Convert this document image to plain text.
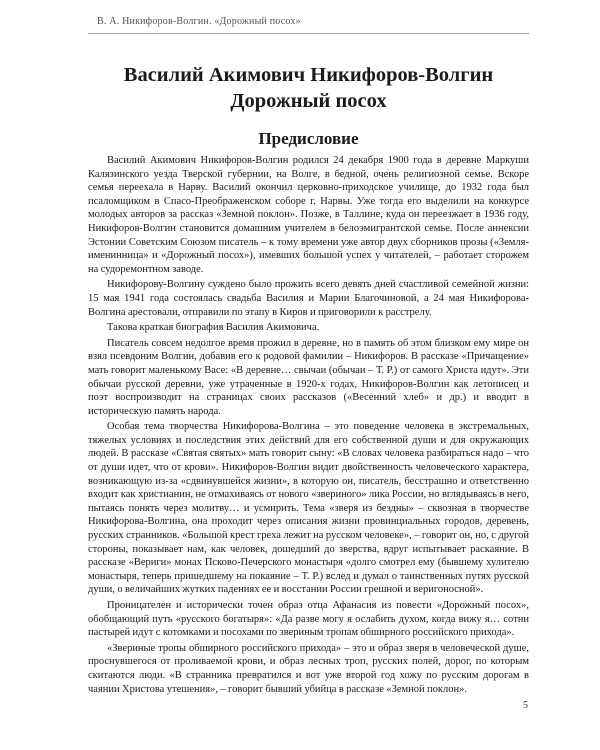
В. А. Никифоров-Волгин. «Дорожный посох»
Василий Акимович Никифоров-Волгин
Дорожный посох
Предисловие

Василий Акимович Никифоров-Волгин родился 24 декабря 1900 года в деревне Маркуши Калязинского уезда Тверской губернии, на Волге, в бедной, очень религиозной семье. Вскоре семья переехала в Нарву. Василий окончил церковно-приходское училище, до 1932 года был псаломщиком в Спасо-Преображенском соборе г. Нарвы. Уже тогда его выделили на конкурсе молодых авторов за рассказ «Земной поклон». Позже, в Таллине, куда он переезжает в 1936 году, Никифоров-Волгин становится домашним учителем в белоэмигрантской семье. После аннексии Эстонии Советским Союзом писатель – к тому времени уже автор двух сборников прозы («Земля-именинница» и «Дорожный посох»), имевших большой успех у читателей, – работает сторожем на судоремонтном заводе.

Никифорову-Волгину суждено было прожить всего девять дней счастливой семейной жизни: 15 мая 1941 года состоялась свадьба Василия и Марии Благочиновой, а 24 мая Никифорова-Волгина арестовали, отправили по этапу в Киров и приговорили к расстрелу.

Такова краткая биография Василия Акимовича.

Писатель совсем недолгое время прожил в деревне, но в память об этом близком ему мире он взял псевдоним Волгин, добавив его к родовой фамилии – Никифоров. В рассказе «Причащение» мать говорит маленькому Васе: «В деревне… свычаи (обычаи – Т. Р.) от самого Христа идут». Эти обычаи русской деревни, уже утраченные в 1920-х годах, Никифоров-Волгин как летописец и поэт воспроизводит на страницах своих рассказов («Весенний хлеб» и др.) и вводит в историческую память народа.

Особая тема творчества Никифорова-Волгина – это поведение человека в экстремальных, тяжелых условиях и последствия этих действий для его собственной души и для окружающих людей. В рассказе «Святая святых» мать говорит сыну: «В словах человека разбираться надо – что от души идет, что от крови». Никифоров-Волгин видит двойственность человеческого характера, возникающую из-за «сдвинувшейся жизни», в которую он, писатель, бесстрашно и ответственно входит как христианин, не отмахиваясь от нового «звериного» лика России, но вглядываясь в него, пытаясь понять через молитву… и усмирить. Тема «зверя из бездны» – сквозная в творчестве Никифорова-Волгина, она проходит через описания жизни провинциальных городов, деревень, русских странников. «Большой крест греха лежит на русском человеке», – говорит он, но, с другой стороны, показывает нам, как человек, дошедший до зверства, вдруг испытывает раскаяние. В рассказе «Вериги» монах Псково-Печерского монастыря «долго смотрел ему (бывшему хулителю монастыря, теперь пришедшему на покаяние – Т. Р.) вслед и думал о таинственных путях русской души, о величайших жутких падениях ее и восстании России грешной и веригоносной».

Проницателен и исторически точен образ отца Афанасия из повести «Дорожный посох», обобщающий путь «русского богатыря»: «Да разве могу я ослабить духом, когда вижу я… сотни пастырей идут с котомками и посохами по звериным тропам обширного российского прихода».

«Звериные тропы обширного российского прихода» – это и образ зверя в человеческой душе, проснувшегося от проливаемой крови, и образ лесных троп, русских полей, дорог, по которым скитаются люди. «В странника превратился и вот уже второй год хожу по русским дорогам в чаянии Христова утешения», – говорит бывший убийца в рассказе «Земной поклон».

5
